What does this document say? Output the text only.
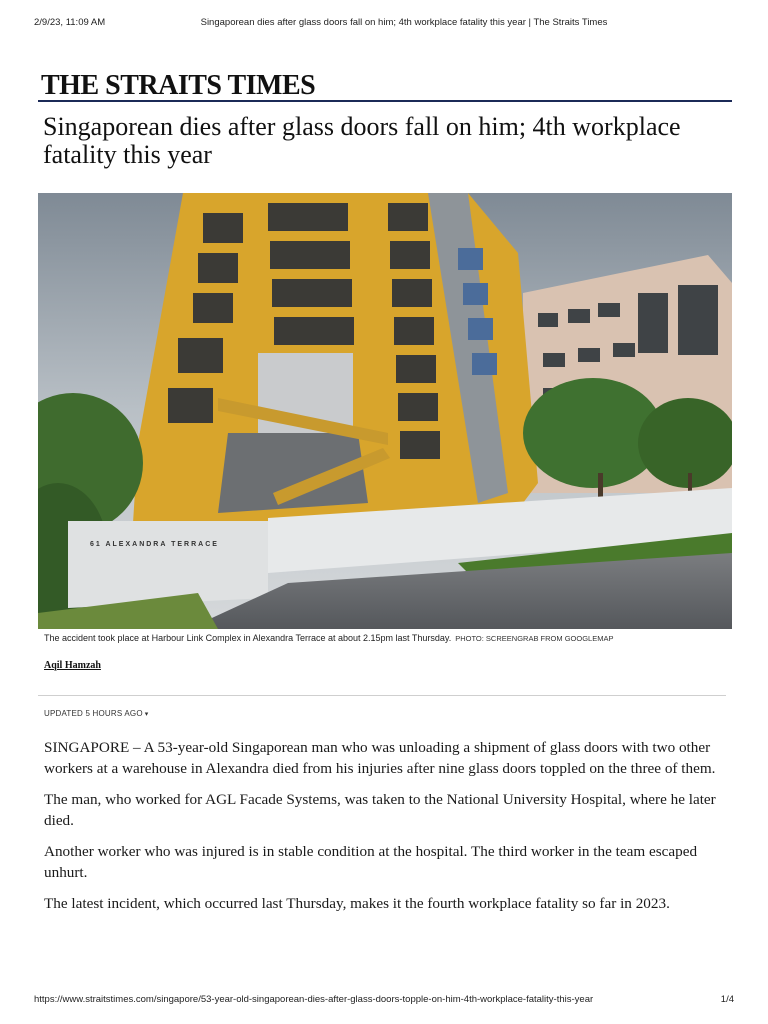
2/9/23, 11:09 AM	Singaporean dies after glass doors fall on him; 4th workplace fatality this year | The Straits Times
THE STRAITS TIMES
Singaporean dies after glass doors fall on him; 4th workplace fatality this year
61 ALEXANDRA TERRACE
The accident took place at Harbour Link Complex in Alexandra Terrace at about 2.15pm last Thursday. PHOTO: SCREENGRAB FROM GOOGLEMAP
Aqil Hamzah
UPDATED 5 HOURS AGO ▾

SINGAPORE – A 53-year-old Singaporean man who was unloading a shipment of glass doors with two other workers at a warehouse in Alexandra died from his injuries after nine glass doors toppled on the three of them.

The man, who worked for AGL Facade Systems, was taken to the National University Hospital, where he later died.

Another worker who was injured is in stable condition at the hospital. The third worker in the team escaped unhurt.

The latest incident, which occurred last Thursday, makes it the fourth workplace fatality so far in 2023.

https://www.straitstimes.com/singapore/53-year-old-singaporean-dies-after-glass-doors-topple-on-him-4th-workplace-fatality-this-year	1/4
